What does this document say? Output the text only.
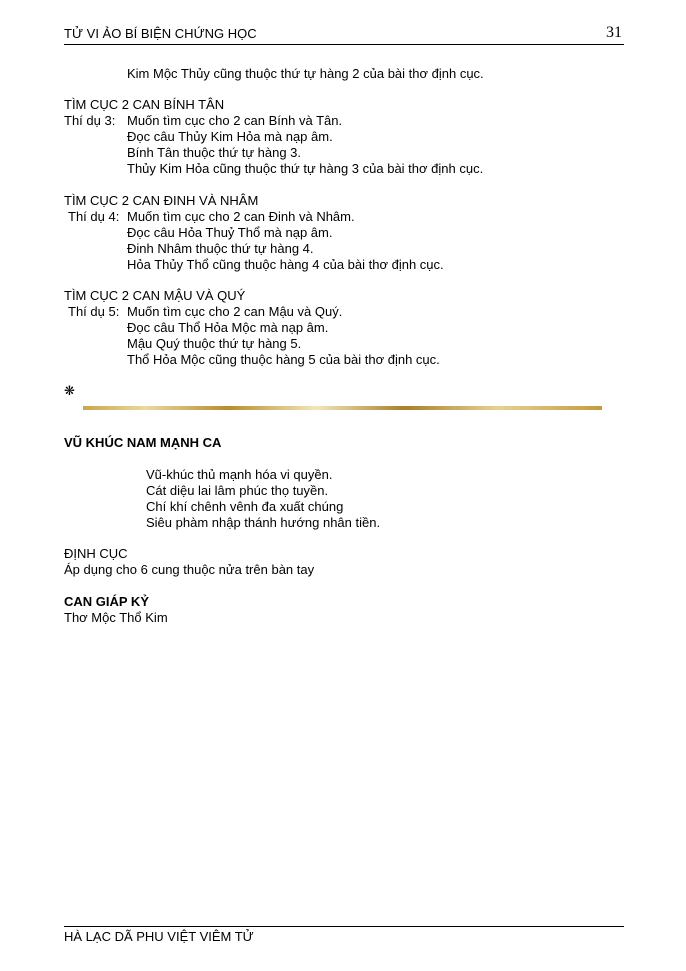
TỬ VI ẢO BÍ BIỆN CHỨNG HỌC	31
Kim Mộc Thủy cũng thuộc thứ tự hàng 2 của bài thơ định cục.
TÌM CỤC 2 CAN BÍNH TÂN
Thí dụ 3: Muốn tìm cục cho 2 can Bính và Tân.
Đọc câu Thủy Kim Hỏa mà nạp âm.
Bính Tân thuộc thứ tự hàng 3.
Thủy Kim Hỏa cũng thuộc thứ tự hàng 3 của bài thơ định cục.
TÌM CỤC 2 CAN ĐINH VÀ NHÂM
Thí dụ 4: Muốn tìm cục cho 2 can Đinh và Nhâm.
Đọc câu Hỏa Thuỷ Thổ mà nạp âm.
Đinh Nhâm thuộc thứ tự hàng 4.
Hỏa Thủy Thổ cũng thuộc hàng 4 của bài thơ định cục.
TÌM CỤC 2 CAN MẬU VÀ QUÝ
Thí dụ 5: Muốn tìm cục cho 2 can Mậu và Quý.
Đọc câu Thổ Hỏa Mộc mà nạp âm.
Mậu Quý thuộc thứ tự hàng 5.
Thổ Hỏa Mộc cũng thuộc hàng 5 của bài thơ định cục.
❋
VŨ KHÚC NAM MẠNH CA
Vũ-khúc thủ mạnh hóa vi quyền.
Cát diệu lai lâm phúc thọ tuyền.
Chí khí chênh vênh đa xuất chúng
Siêu phàm nhập thánh hướng nhân tiền.
ĐỊNH CỤC
Áp dụng cho 6 cung thuộc nửa trên bàn tay
CAN GIÁP KỶ
Thơ Mộc Thổ Kim
HÀ LẠC DÃ PHU VIỆT VIÊM TỬ
